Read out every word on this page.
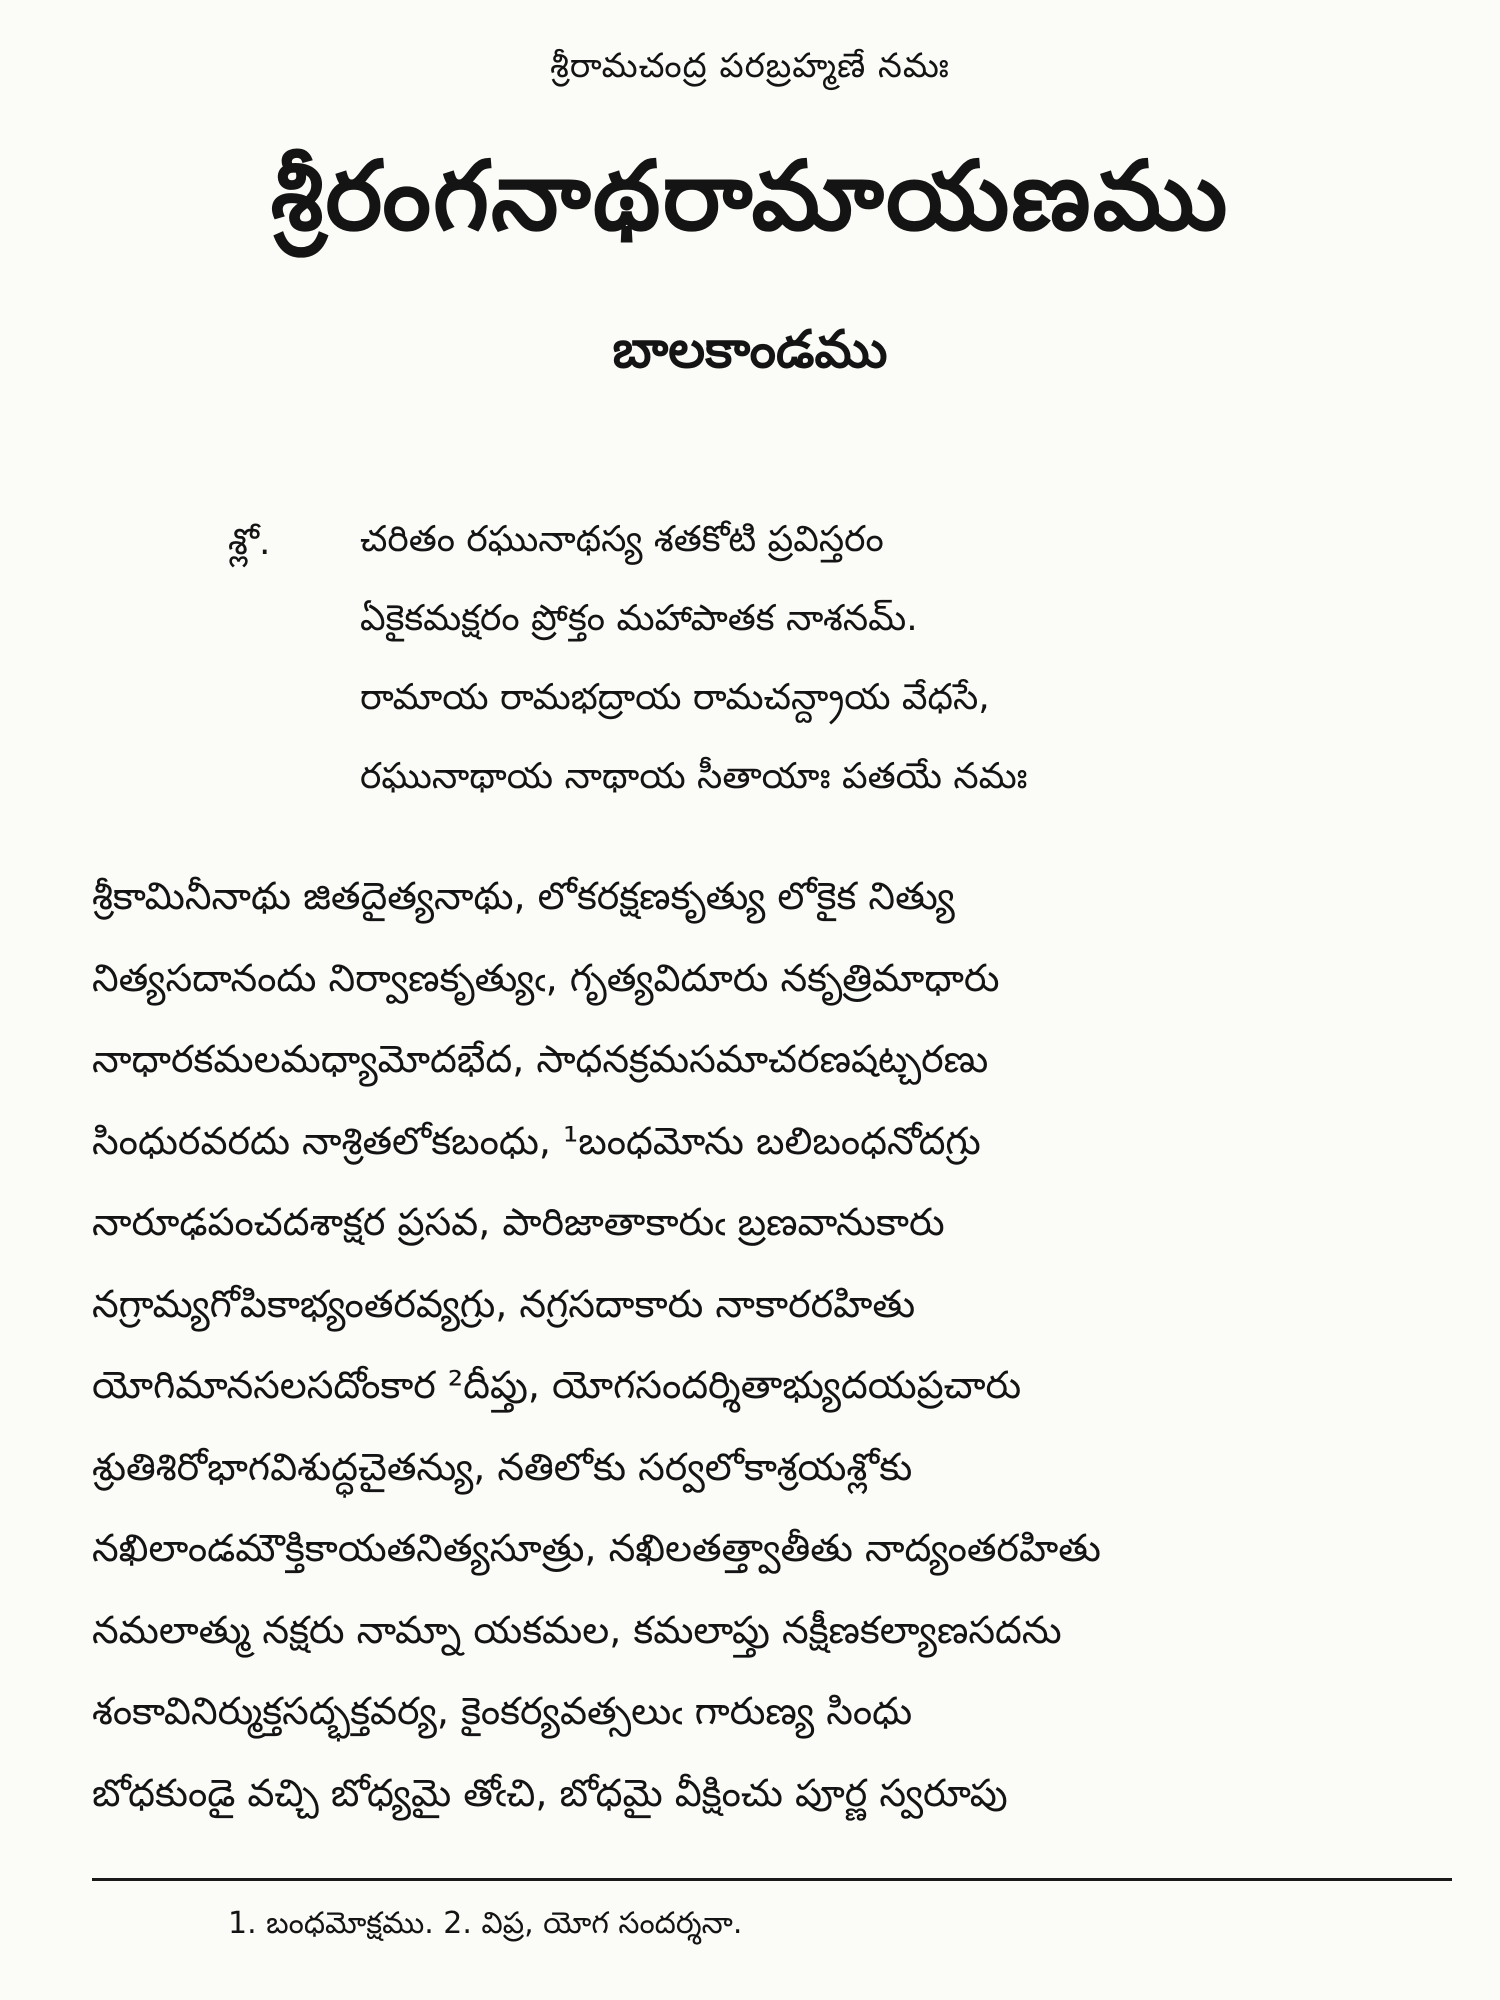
శ్రీరామచంద్ర పరబ్రహ్మణే నమః
శ్రీరంగనాథరామాయణము
బాలకాండము
శ్లో. చరితం రఘునాథస్య శతకోటి ప్రవిస్తరం
ఏకైకమక్షరం ప్రోక్తం మహాపాతక నాశనమ్.
రామాయ రామభద్రాయ రామచన్ద్రాయ వేధసే,
రఘునాథాయ నాథాయ సీతాయాః పతయే నమః
శ్రీకామినీనాథు జితదైత్యనాథు, లోకరక్షణకృత్యు లోకైక నిత్యు
నిత్యసదానందు నిర్వాణకృత్యుఁ, గృత్యవిదూరు నకృత్రిమాధారు
నాధారకమలమధ్యామోదభేద, సాధనక్రమసమాచరణషట్చరణు
సింధురవరదు నాశ్రితలోకబంధు, ¹బంధమోను బలిబంధనోదగ్రు
నారూఢపంచదశాక్షర ప్రసవ, పారిజాతాకారుఁ బ్రణవానుకారు
నగ్రామ్యగోపికాభ్యంతరవ్యగ్రు, నగ్రసదాకారు నాకారరహితు
యోగిమానసలసదోంకార ²దీప్తు, యోగసందర్శితాభ్యుదయప్రచారు
శ్రుతిశిరోభాగవిశుద్ధచైతన్యు, నతిలోకు సర్వలోకాశ్రయశ్లోకు
నఖిలాండమౌక్తికాయతనిత్యసూత్రు, నఖిలతత్త్వాతీతు నాద్యంతరహితు
నమలాత్ము నక్షరు నామ్నా యకమల, కమలాప్తు నక్షీణకల్యాణసదను
శంకావినిర్ముక్తసద్భక్తవర్య, కైంకర్యవత్సలుఁ గారుణ్య సింధు
బోధకుండై వచ్చి బోధ్యమై తోఁచి, బోధమై వీక్షించు పూర్ణ స్వరూపు
1. బంధమోక్షము. 2. విప్ర, యోగ సందర్శనా.
